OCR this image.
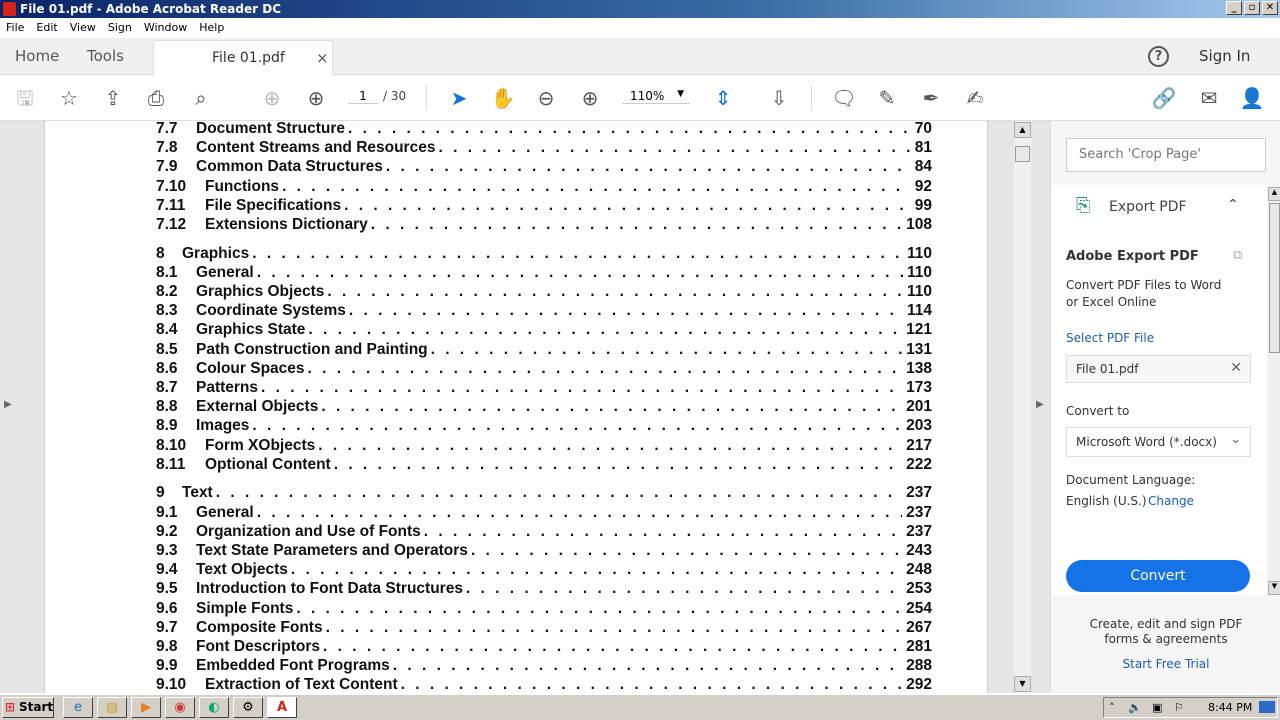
File 01.pdf - Adobe Acrobat Reader DC	_	▫	✕
File	Edit	View	Sign	Window	Help
Home Tools	File 01.pdf ×	?	Sign In
🖫 ☆ ⇪ ⎙	⌕	⊕ ⊕	1	/ 30 ➤ ✋ ⊖ ⊕	110% ▼ ⇕ ⇩ 🗨 ✎ ✒ ✍	🔗 ✉ 👤
▶	▶
7.7	Document Structure . . .	70
7.8	Content Streams and Resources . . .	81
7.9	Common Data Structures . . .	84
7.10	Functions . . .	92
7.11	File Specifications . . .	99
7.12	Extensions Dictionary . . .	108
8	Graphics . . .	110
8.1	General . . .	110
8.2	Graphics Objects . . .	110
8.3	Coordinate Systems . . .	114
8.4	Graphics State . . .	121
8.5	Path Construction and Painting . . .	131
8.6	Colour Spaces . . .	138
8.7	Patterns . . .	173
8.8	External Objects . . .	201
8.9	Images . . .	203
8.10	Form XObjects . . .	217
8.11	Optional Content . . .	222
9	Text . . .	237
9.1	General . . .	237
9.2	Organization and Use of Fonts . . .	237
9.3	Text State Parameters and Operators . . .	243
9.4	Text Objects . . .	248
9.5	Introduction to Font Data Structures . . .	253
9.6	Simple Fonts . . .	254
9.7	Composite Fonts . . .	267
9.8	Font Descriptors . . .	281
9.9	Embedded Font Programs . . .	288
9.10	Extraction of Text Content . . .	292
▲
▼
Search 'Crop Page'
⎘ Export PDF	⌃
Adobe Export PDF	⧉
Convert PDF Files to Word or Excel Online
Select PDF File
File 01.pdf	✕
Convert to
Microsoft Word (*.docx) ⌄
Document Language:
English (U.S.) Change
Convert
▲
▼
Create, edit and sign PDF forms & agreements
Start Free Trial
⊞ Start	e	▤	▶	◉	◐	⚙	A	˄ 🔈 ▣ ⚐ 8:44 PM
